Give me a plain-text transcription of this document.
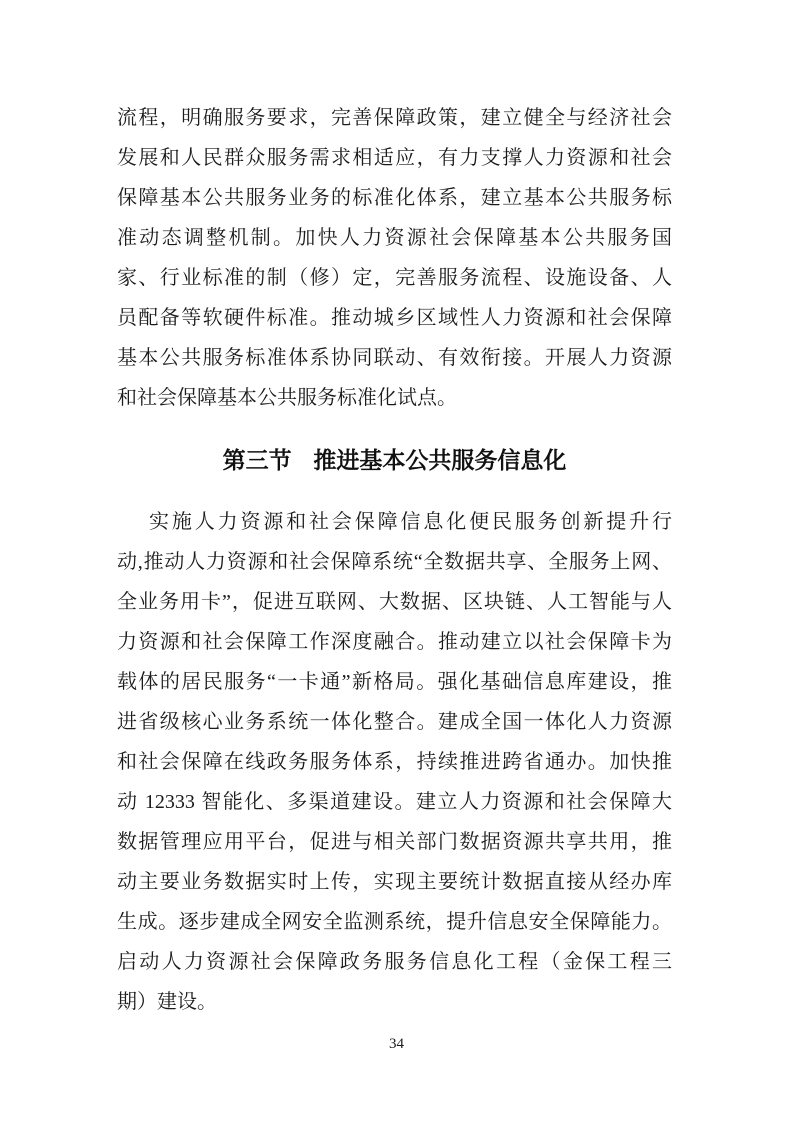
流程，明确服务要求，完善保障政策，建立健全与经济社会
发展和人民群众服务需求相适应，有力支撑人力资源和社会
保障基本公共服务业务的标准化体系，建立基本公共服务标
准动态调整机制。加快人力资源社会保障基本公共服务国
家、行业标准的制（修）定，完善服务流程、设施设备、人
员配备等软硬件标准。推动城乡区域性人力资源和社会保障
基本公共服务标准体系协同联动、有效衔接。开展人力资源
和社会保障基本公共服务标准化试点。
第三节 推进基本公共服务信息化
实施人力资源和社会保障信息化便民服务创新提升行
动,推动人力资源和社会保障系统“全数据共享、全服务上网、
全业务用卡”，促进互联网、大数据、区块链、人工智能与人
力资源和社会保障工作深度融合。推动建立以社会保障卡为
载体的居民服务“一卡通”新格局。强化基础信息库建设，推
进省级核心业务系统一体化整合。建成全国一体化人力资源
和社会保障在线政务服务体系，持续推进跨省通办。加快推
动 12333 智能化、多渠道建设。建立人力资源和社会保障大
数据管理应用平台，促进与相关部门数据资源共享共用，推
动主要业务数据实时上传，实现主要统计数据直接从经办库
生成。逐步建成全网安全监测系统，提升信息安全保障能力。
启动人力资源社会保障政务服务信息化工程（金保工程三
期）建设。
34
